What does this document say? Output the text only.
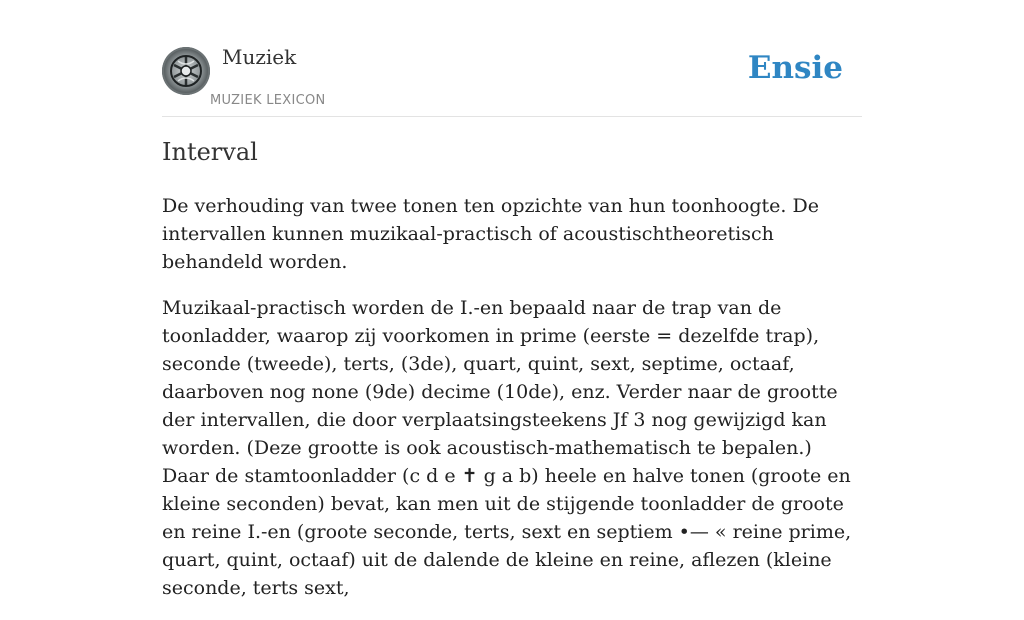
Muziek
MUZIEK LEXICON
Ensie
Interval

De verhouding van twee tonen ten opzichte van hun toonhoogte. De intervallen kunnen muzikaal-practisch of acoustischtheoretisch behandeld worden.

Muzikaal-practisch worden de I.-en bepaald naar de trap van de toonladder, waarop zij voorkomen in prime (eerste = dezelfde trap), seconde (tweede), terts, (3de), quart, quint, sext, septime, octaaf, daarboven nog none (9de) decime (10de), enz. Verder naar de grootte der intervallen, die door verplaatsingsteekens Jf 3 nog gewijzigd kan worden. (Deze grootte is ook acoustisch-mathematisch te bepalen.) Daar de stamtoonladder (c d e ✝ g a b) heele en halve tonen (groote en kleine seconden) bevat, kan men uit de stijgende toonladder de groote en reine I.-en (groote seconde, terts, sext en septiem •— « reine prime, quart, quint, octaaf) uit de dalende de kleine en reine, aflezen (kleine seconde, terts sext,
